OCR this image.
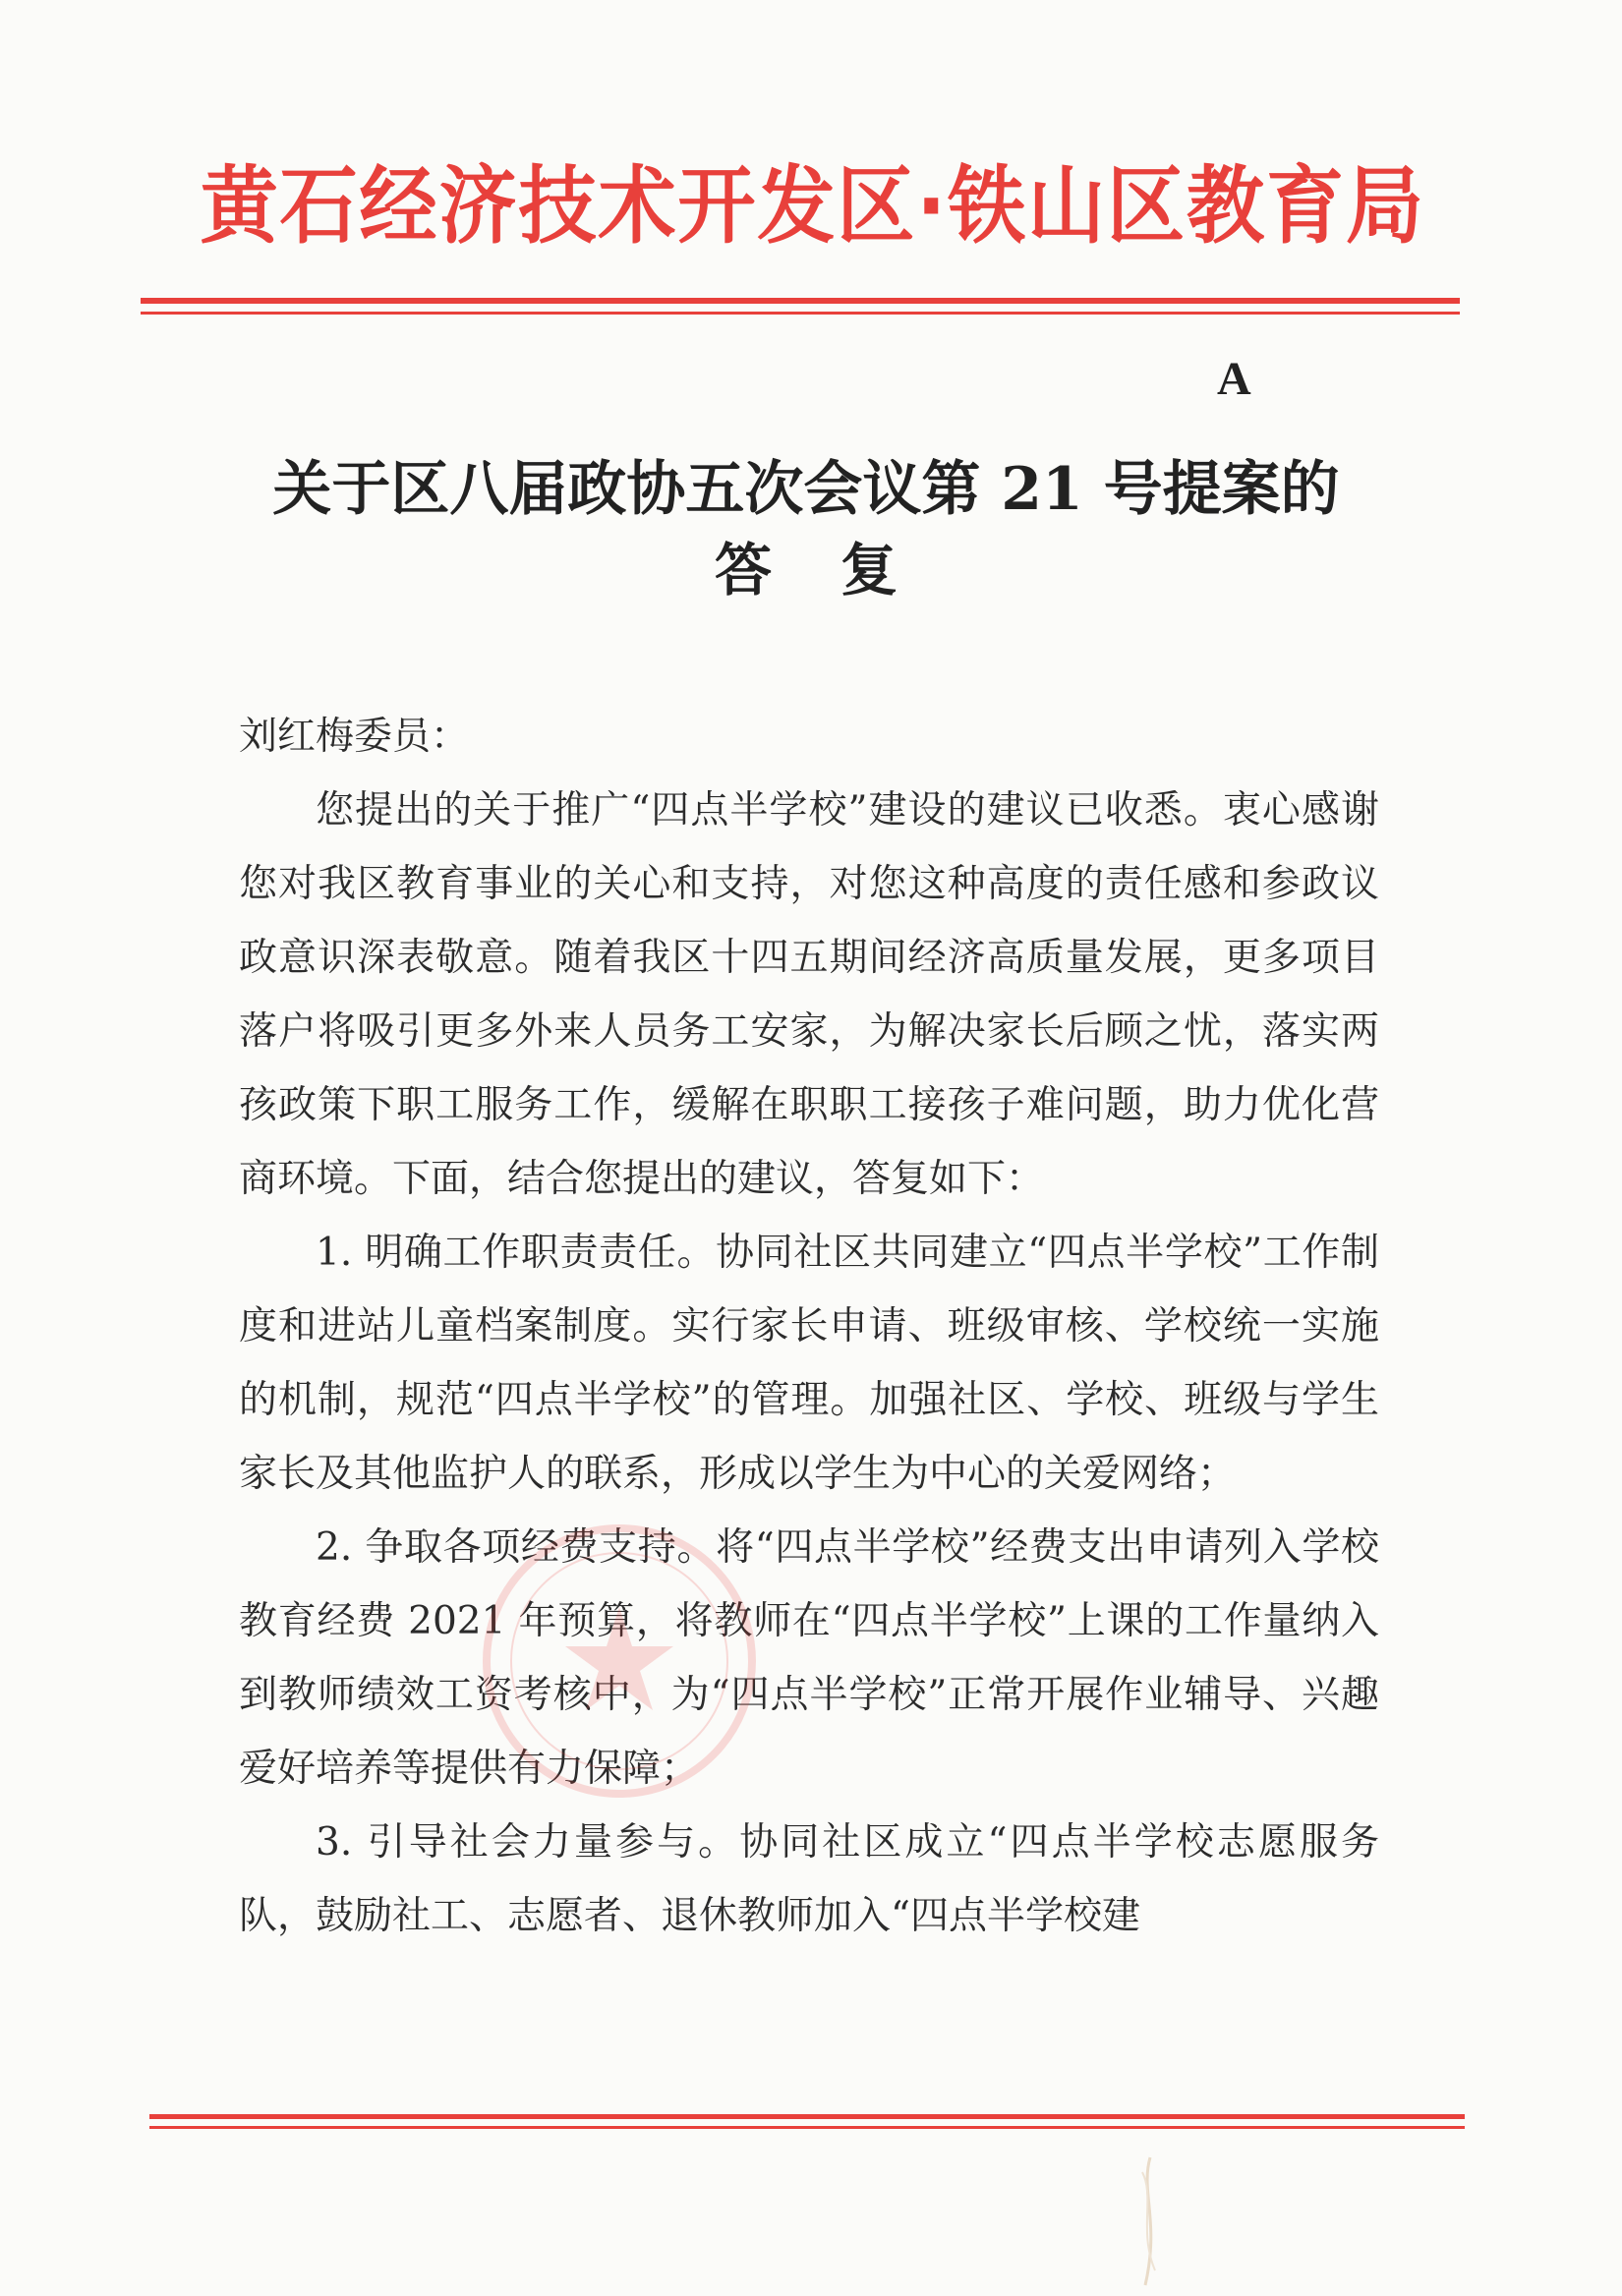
黄石经济技术开发区·铁山区教育局
A
关于区八届政协五次会议第 21 号提案的
答复

刘红梅委员：

您提出的关于推广“四点半学校”建设的建议已收悉。衷心感谢您对我区教育事业的关心和支持，对您这种高度的责任感和参政议政意识深表敬意。随着我区十四五期间经济高质量发展，更多项目落户将吸引更多外来人员务工安家，为解决家长后顾之忧，落实两孩政策下职工服务工作，缓解在职职工接孩子难问题，助力优化营商环境。下面，结合您提出的建议，答复如下：

1. 明确工作职责责任。协同社区共同建立“四点半学校”工作制度和进站儿童档案制度。实行家长申请、班级审核、学校统一实施的机制，规范“四点半学校”的管理。加强社区、学校、班级与学生家长及其他监护人的联系，形成以学生为中心的关爱网络；

2. 争取各项经费支持。将“四点半学校”经费支出申请列入学校教育经费 2021 年预算，将教师在“四点半学校”上课的工作量纳入到教师绩效工资考核中，为“四点半学校”正常开展作业辅导、兴趣爱好培养等提供有力保障；

3. 引导社会力量参与。协同社区成立“四点半学校志愿服务队，鼓励社工、志愿者、退休教师加入“四点半学校建
